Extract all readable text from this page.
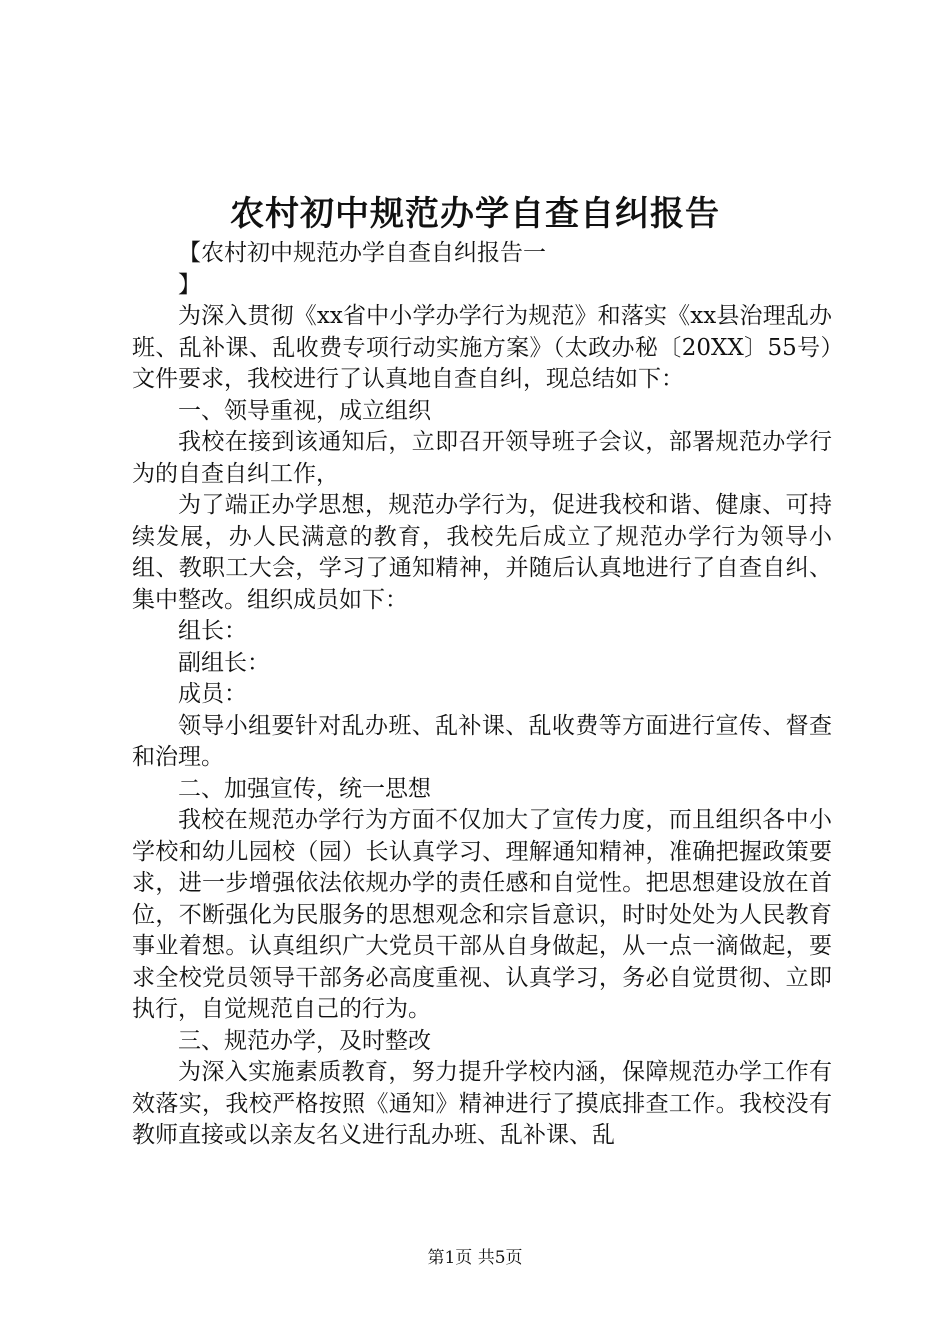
农村初中规范办学自查自纠报告

【农村初中规范办学自查自纠报告一

】

为深入贯彻《xx省中小学办学行为规范》和落实《xx县治理乱办班、乱补课、乱收费专项行动实施方案》（太政办秘〔20XX〕55号）文件要求，我校进行了认真地自查自纠，现总结如下：

一、领导重视，成立组织

我校在接到该通知后，立即召开领导班子会议，部署规范办学行为的自查自纠工作，

为了端正办学思想，规范办学行为，促进我校和谐、健康、可持续发展，办人民满意的教育，我校先后成立了规范办学行为领导小组、教职工大会，学习了通知精神，并随后认真地进行了自查自纠、集中整改。组织成员如下：

组长：

副组长：

成员：

领导小组要针对乱办班、乱补课、乱收费等方面进行宣传、督查和治理。

二、加强宣传，统一思想

我校在规范办学行为方面不仅加大了宣传力度，而且组织各中小学校和幼儿园校（园）长认真学习、理解通知精神，准确把握政策要求，进一步增强依法依规办学的责任感和自觉性。把思想建设放在首位，不断强化为民服务的思想观念和宗旨意识，时时处处为人民教育事业着想。认真组织广大党员干部从自身做起，从一点一滴做起，要求全校党员领导干部务必高度重视、认真学习，务必自觉贯彻、立即执行，自觉规范自己的行为。

三、规范办学，及时整改

为深入实施素质教育，努力提升学校内涵，保障规范办学工作有效落实，我校严格按照《通知》精神进行了摸底排查工作。我校没有教师直接或以亲友名义进行乱办班、乱补课、乱

第1页 共5页
